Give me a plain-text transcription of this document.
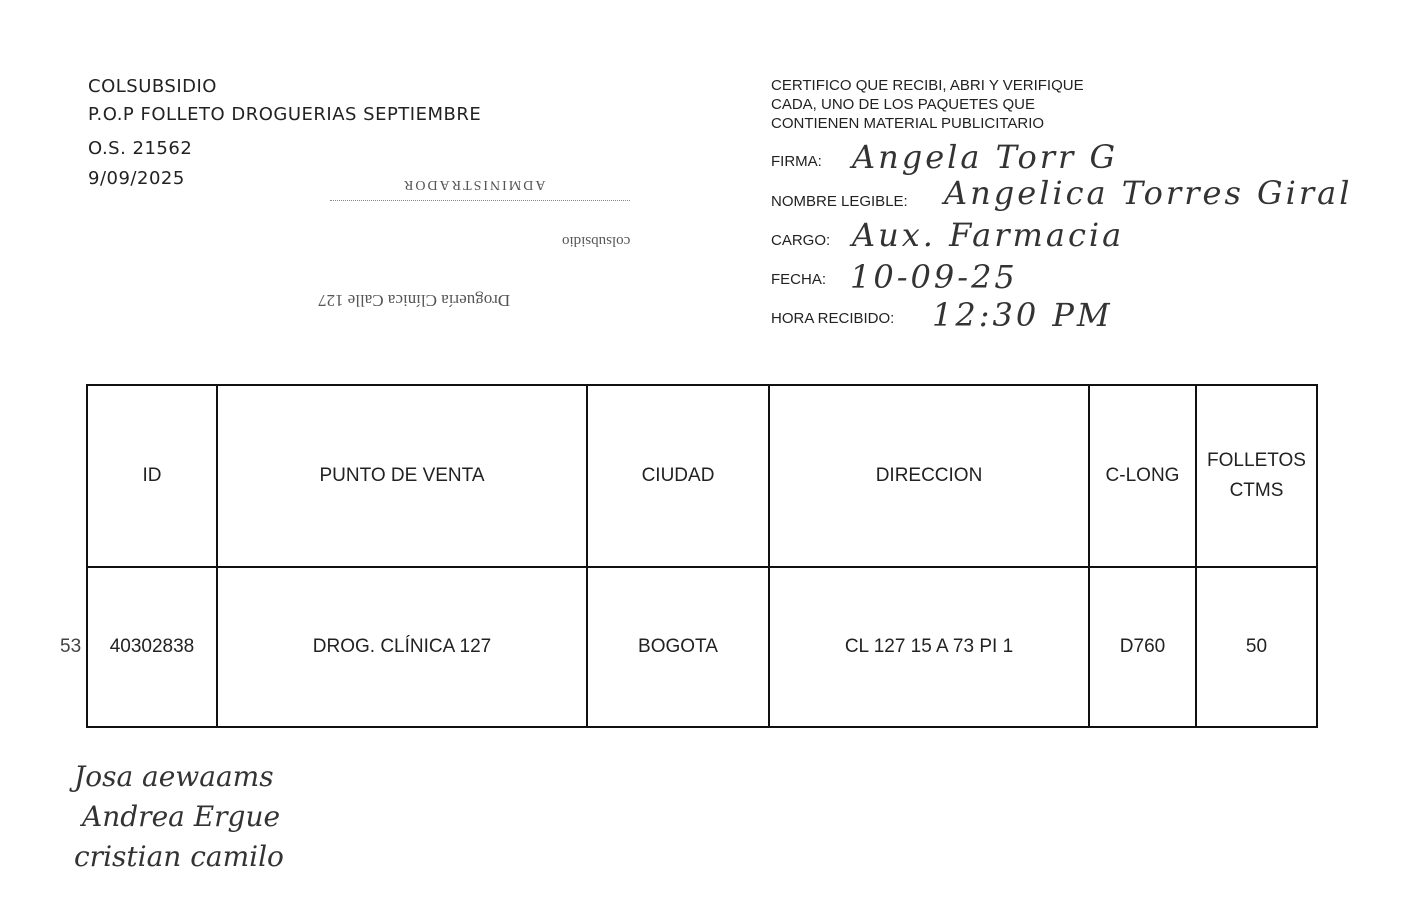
COLSUBSIDIO
P.O.P FOLLETO DROGUERIAS SEPTIEMBRE
O.S. 21562
9/09/2025	ADMINISTRADOR
colsubsidio
Droguería Clínica Calle 127
CERTIFICO QUE RECIBI, ABRI Y VERIFIQUE
CADA, UNO DE LOS PAQUETES QUE
CONTIENEN MATERIAL PUBLICITARIO
FIRMA: Angela Torr G
NOMBRE LEGIBLE: Angelica Torres Giral
CARGO: Aux. Farmacia
FECHA: 10-09-25
HORA RECIBIDO: 12:30 PM
53
ID	PUNTO DE VENTA	CIUDAD	DIRECCION	C-LONG	FOLLETOS
CTMS
40302838	DROG. CLÍNICA 127	BOGOTA	CL 127 15 A 73 PI 1	D760	50
Josa aewaams
Andrea Ergue
cristian camilo
